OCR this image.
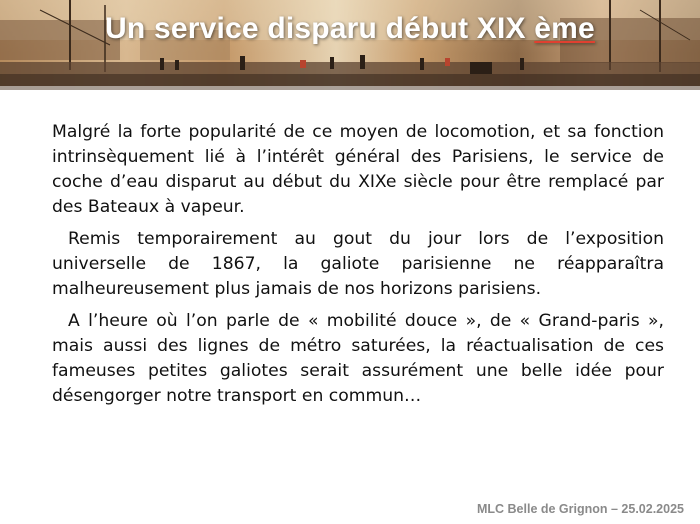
Un service disparu début XIX ème

Malgré la forte popularité de ce moyen de locomotion, et sa fonction intrinsèquement lié à l’intérêt général des Parisiens, le service de coche d’eau disparut au début du XIXe siècle pour être remplacé par des Bateaux à vapeur.

Remis temporairement au gout du jour lors de l’exposition universelle de 1867, la galiote parisienne ne réapparaîtra malheureusement plus jamais de nos horizons parisiens.

A l’heure où l’on parle de « mobilité douce », de « Grand-paris », mais aussi des lignes de métro saturées, la réactualisation de ces fameuses petites galiotes serait assurément une belle idée pour désengorger notre transport en commun…

MLC Belle de Grignon – 25.02.2025
